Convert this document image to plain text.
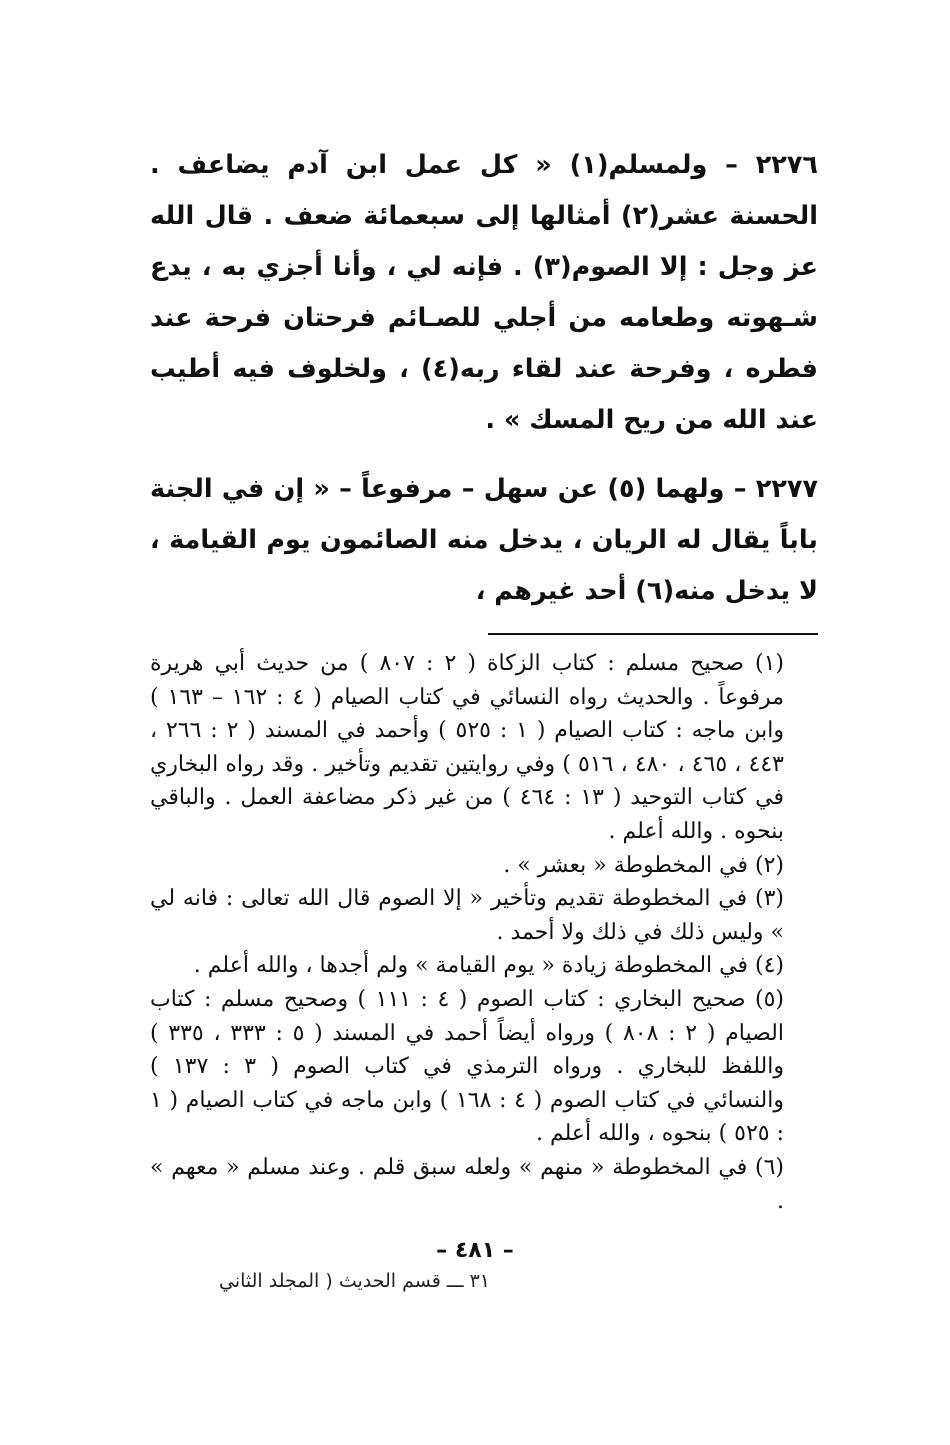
٢٢٧٦ – ولمسلم(١) « كل عمل ابن آدم يضاعف . الحسنة عشر(٢) أمثالها إلى سبعمائة ضعف . قال الله عز وجل : إلا الصوم(٣) . فإنه لي ، وأنا أجزي به ، يدع شـهوته وطعامه من أجلي للصـائم فرحتان فرحة عند فطره ، وفرحة عند لقاء ربه(٤) ، ولخلوف فيه أطيب عند الله من ريح المسك » .

٢٢٧٧ – ولهما (٥) عن سهل – مرفوعاً – « إن في الجنة باباً يقال له الريان ، يدخل منه الصائمون يوم القيامة ، لا يدخل منه(٦) أحد غيرهم ،

(١) صحيح مسلم : كتاب الزكاة ( ٢ : ٨٠٧ ) من حديث أبي هريرة مرفوعاً . والحديث رواه النسائي في كتاب الصيام ( ٤ : ١٦٢ – ١٦٣ ) وابن ماجه : كتاب الصيام ( ١ : ٥٢٥ ) وأحمد في المسند ( ٢ : ٢٦٦ ، ٤٤٣ ، ٤٦٥ ، ٤٨٠ ، ٥١٦ ) وفي روايتين تقديم وتأخير . وقد رواه البخاري في كتاب التوحيد ( ١٣ : ٤٦٤ ) من غير ذكر مضاعفة العمل . والباقي بنحوه . والله أعلم .

(٢) في المخطوطة « بعشر » .

(٣) في المخطوطة تقديم وتأخير « إلا الصوم قال الله تعالى : فانه لي » وليس ذلك في ذلك ولا أحمد .

(٤) في المخطوطة زيادة « يوم القيامة » ولم أجدها ، والله أعلم .

(٥) صحيح البخاري : كتاب الصوم ( ٤ : ١١١ ) وصحيح مسلم : كتاب الصيام ( ٢ : ٨٠٨ ) ورواه أيضاً أحمد في المسند ( ٥ : ٣٣٣ ، ٣٣٥ ) واللفظ للبخاري . ورواه الترمذي في كتاب الصوم ( ٣ : ١٣٧ ) والنسائي في كتاب الصوم ( ٤ : ١٦٨ ) وابن ماجه في كتاب الصيام ( ١ : ٥٢٥ ) بنحوه ، والله أعلم .

(٦) في المخطوطة « منهم » ولعله سبق قلم . وعند مسلم « معهم » .

– ٤٨١ –
٣١ ـــ قسم الحديث ( المجلد الثاني
